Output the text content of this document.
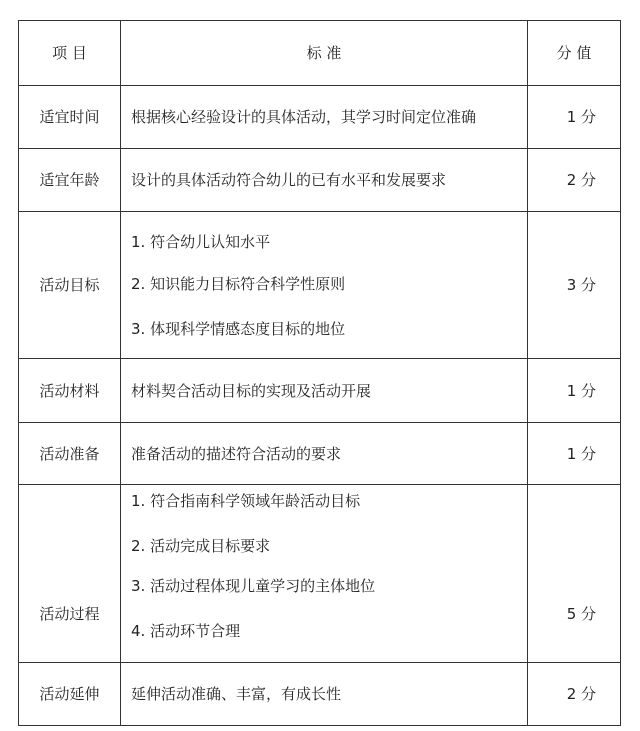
项 目	标 准	分 值
适宜时间	根据核心经验设计的具体活动，其学习时间定位准确	1 分
适宜年龄	设计的具体活动符合幼儿的已有水平和发展要求	2 分
活动目标	1. 符合幼儿认知水平
2. 知识能力目标符合科学性原则
3. 体现科学情感态度目标的地位	3 分
活动材料	材料契合活动目标的实现及活动开展	1 分
活动准备	准备活动的描述符合活动的要求	1 分
活动过程	1. 符合指南科学领域年龄活动目标
2. 活动完成目标要求
3. 活动过程体现儿童学习的主体地位
4. 活动环节合理	5 分
活动延伸	延伸活动准确、丰富，有成长性	2 分
